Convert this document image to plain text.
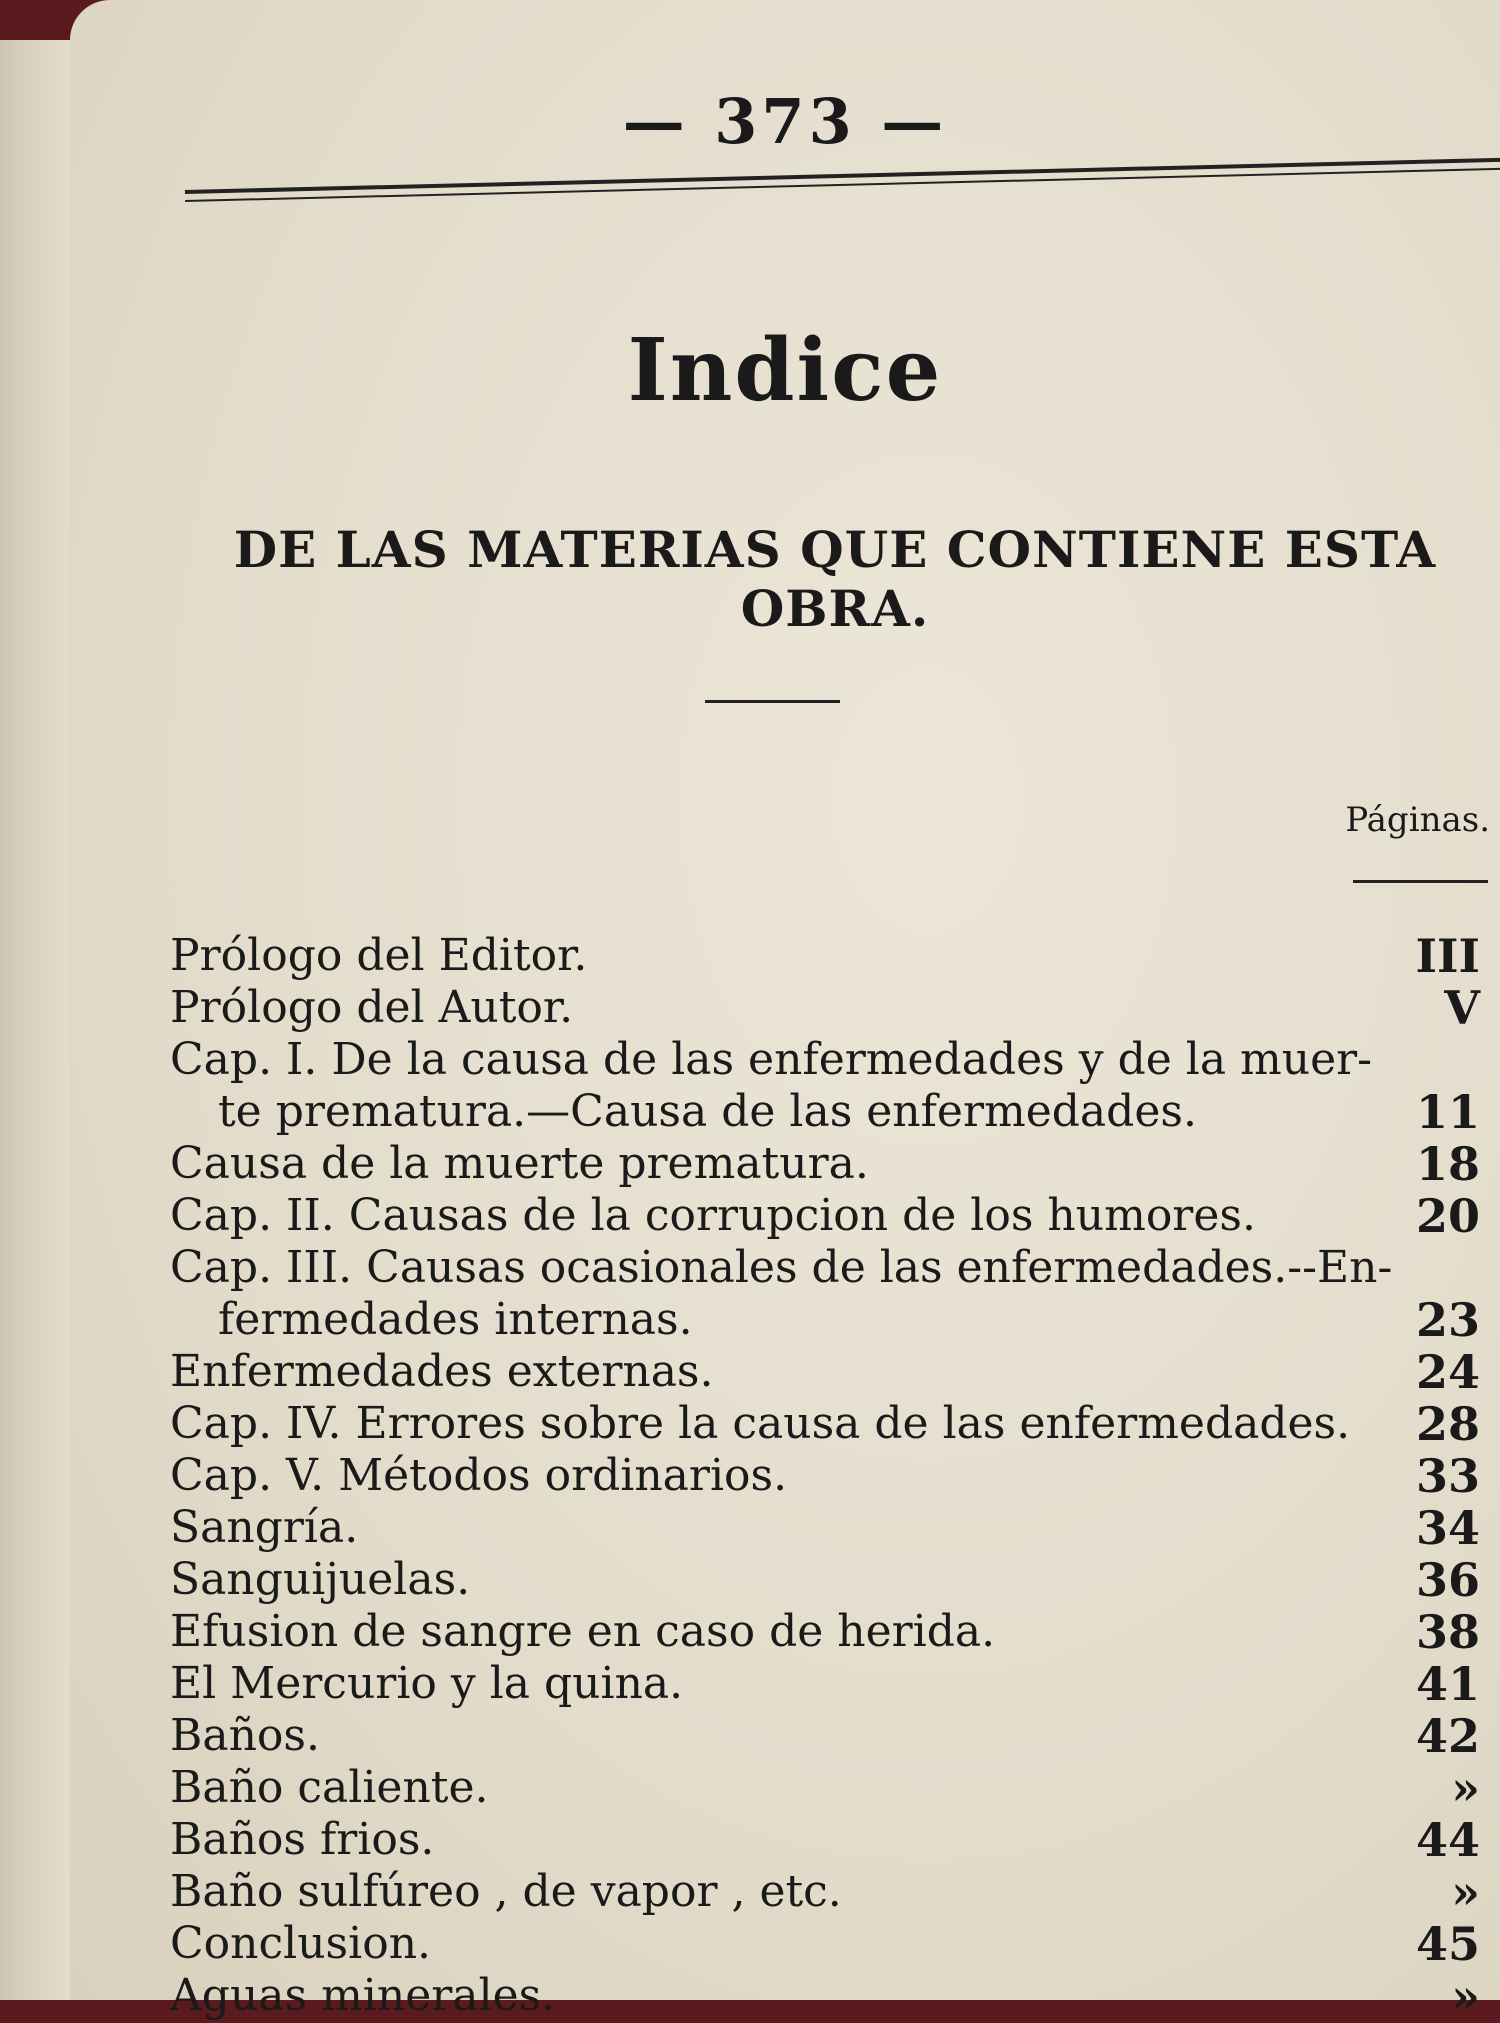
— 373 —
Indice
DE LAS MATERIAS QUE CONTIENE ESTA OBRA.
Páginas.
Prólogo del Editor.	III
Prólogo del Autor.	V
Cap. I. De la causa de las enfermedades y de la muer-
te prematura.—Causa de las enfermedades.	11
Causa de la muerte prematura.	18
Cap. II. Causas de la corrupcion de los humores.	20
Cap. III. Causas ocasionales de las enfermedades.--En-
fermedades internas.	23
Enfermedades externas.	24
Cap. IV. Errores sobre la causa de las enfermedades. 28
Cap. V. Métodos ordinarios.	33
Sangría.	34
Sanguijuelas.	36
Efusion de sangre en caso de herida.	38
El Mercurio y la quina.	41
Baños.	42
Baño caliente.	»
Baños frios.	44
Baño sulfúreo , de vapor , etc.	»
Conclusion.	45
Aguas minerales.	»
